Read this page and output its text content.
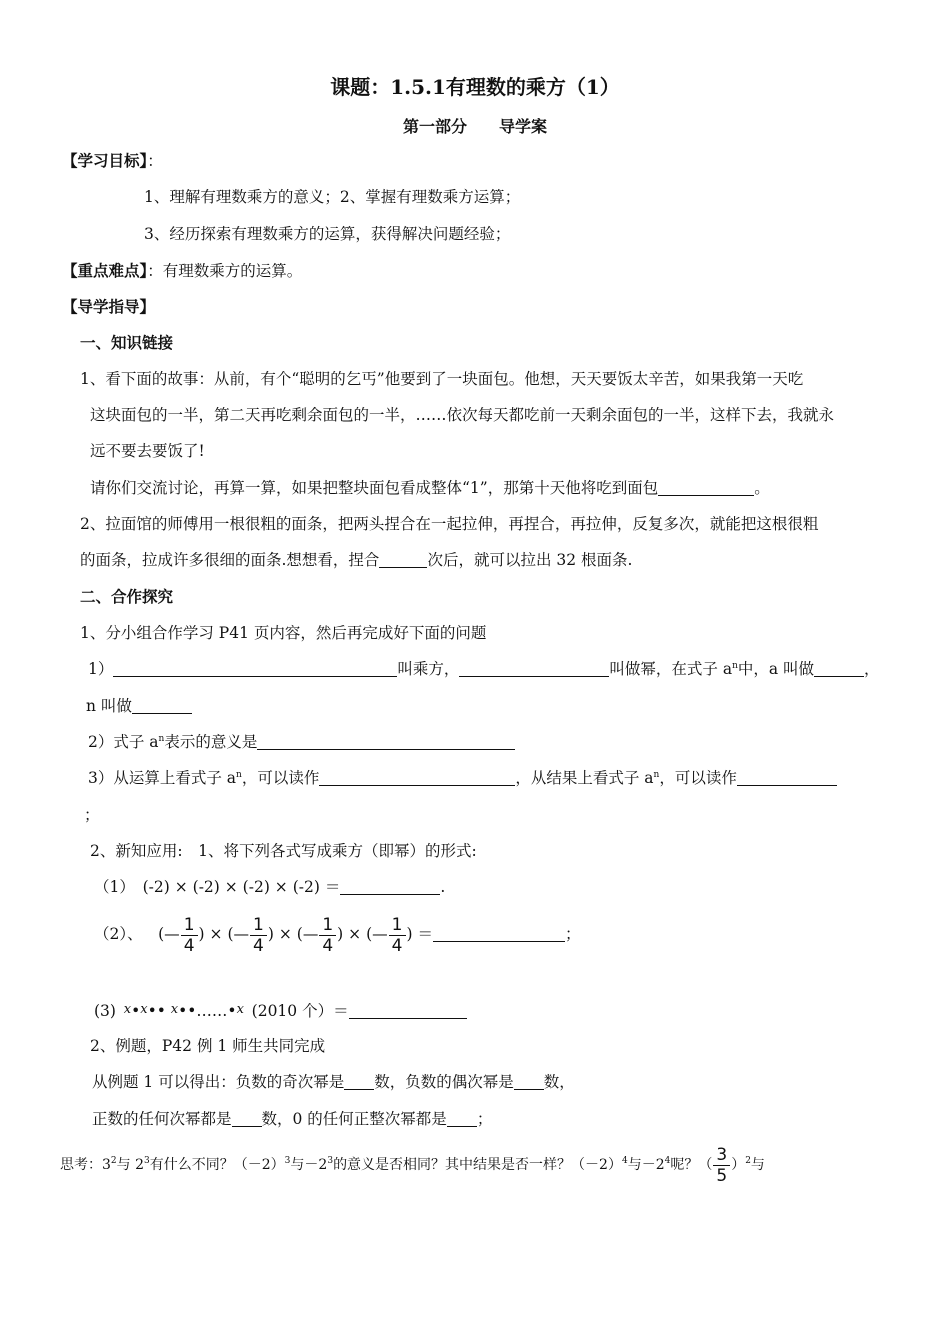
课题：1.5.1有理数的乘方（1）
第一部分　　导学案
【学习目标】：
1、理解有理数乘方的意义；2、掌握有理数乘方运算；
3、经历探索有理数乘方的运算，获得解决问题经验；
【重点难点】：有理数乘方的运算。
【导学指导】
一、知识链接
1、看下面的故事：从前，有个“聪明的乞丐”他要到了一块面包。他想，天天要饭太辛苦，如果我第一天吃
这块面包的一半，第二天再吃剩余面包的一半，……依次每天都吃前一天剩余面包的一半，这样下去，我就永
远不要去要饭了!
请你们交流讨论，再算一算，如果把整块面包看成整体“1”，那第十天他将吃到面包	。
2、拉面馆的师傅用一根很粗的面条，把两头捏合在一起拉伸，再捏合，再拉伸，反复多次，就能把这根很粗
的面条，拉成许多很细的面条.想想看，捏合	次后，就可以拉出 32 根面条.
二、合作探究
1、分小组合作学习 P41 页内容，然后再完成好下面的问题
1）	叫乘方，	叫做幂，在式子 $a^n$中，a 叫做	，
n 叫做
2）式子 $a^n$表示的意义是
3）从运算上看式子 $a^n$，可以读作	，从结果上看式子 $a^n$，可以读作
；
2、新知应用:　1、将下列各式写成乘方（即幂）的形式:
（1）　(-2) × (-2) × (-2) × (-2) ＝	.
（2）、  (— $\frac{1}{4}$ ) × (— $\frac{1}{4}$ ) × (— $\frac{1}{4}$ ) × (— $\frac{1}{4}$ ) ＝	；
(3)  x•x•• x••……•x  (2010 个）＝
2、例题，P42 例 1 师生共同完成
从例题 1 可以得出：负数的奇次幂是 数，负数的偶次幂是 数，
正数的任何次幂都是 数，0 的任何正整次幂都是 ；
思考：$3^2$与 $2^3$有什么不同？$(-2)^3$与$-2^3$的意义是否相同？其中结果是否一样？$(-2)^4$与$-2^4$呢？（ $\frac{3}{5} )^2$与
